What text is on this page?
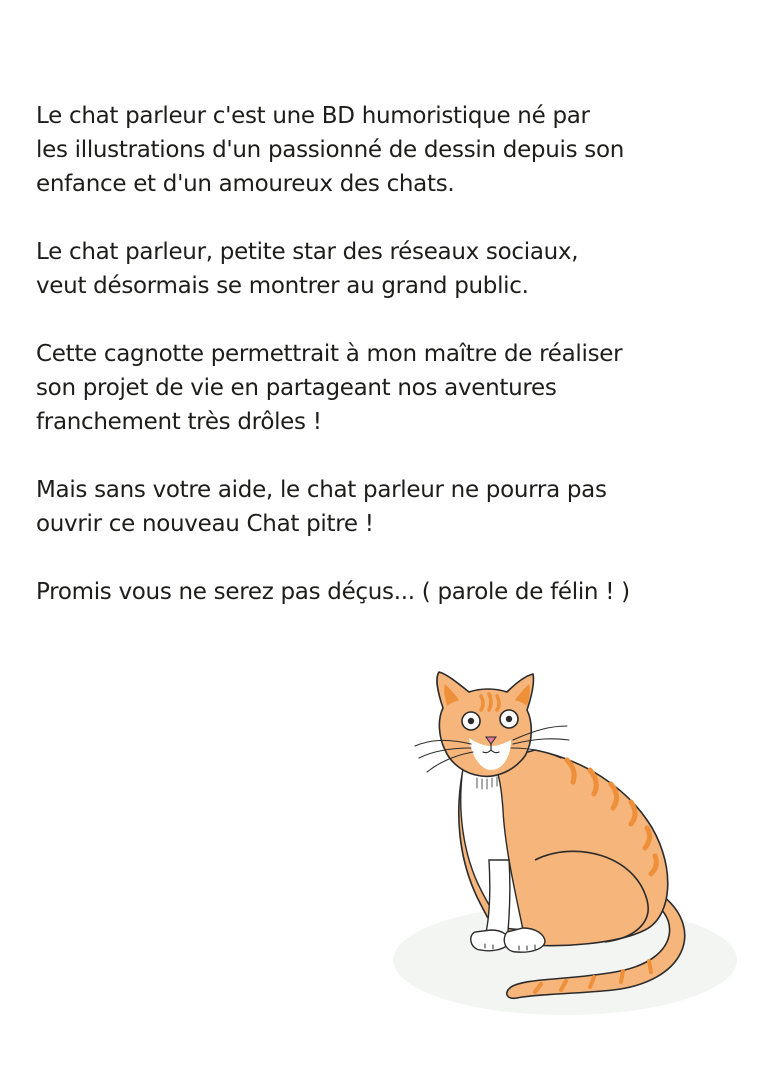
Le chat parleur c'est une BD humoristique né par
les illustrations d'un passionné de dessin depuis son
enfance et d'un amoureux des chats.

Le chat parleur, petite star des réseaux sociaux,
veut désormais se montrer au grand public.

Cette cagnotte permettrait à mon maître de réaliser
son projet de vie en partageant nos aventures
franchement très drôles !

Mais sans votre aide, le chat parleur ne pourra pas
ouvrir ce nouveau Chat pitre !

Promis vous ne serez pas déçus... ( parole de félin ! )
